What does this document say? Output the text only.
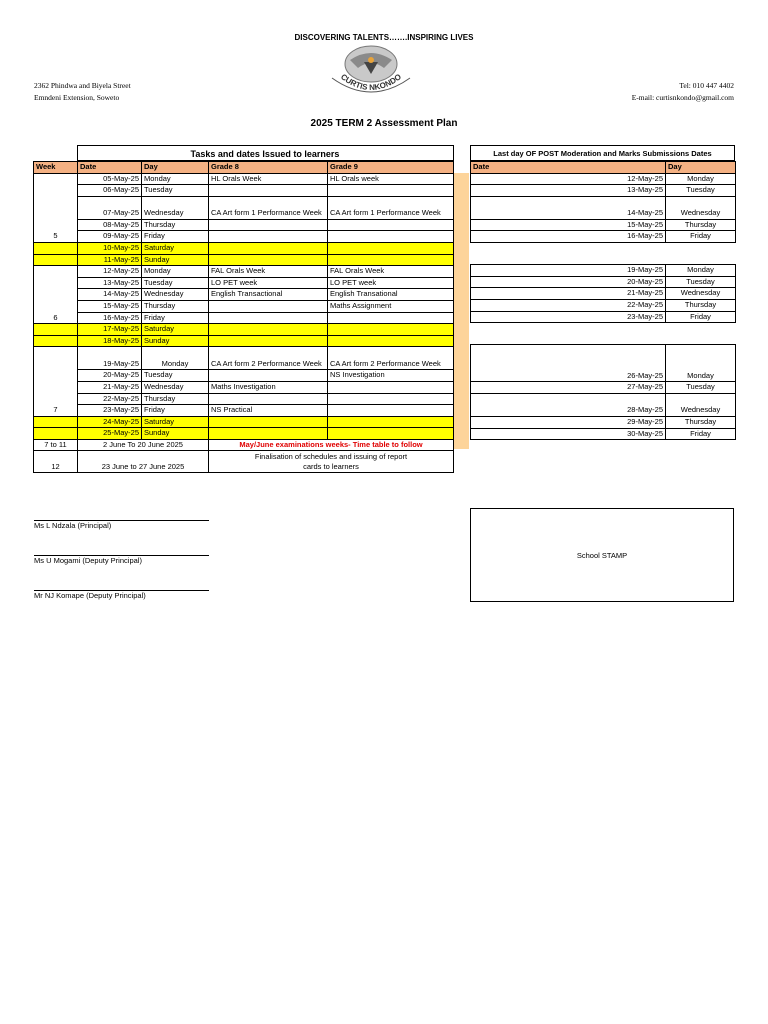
DISCOVERING TALENTS…….INSPIRING LIVES
CURTIS NKONDO
2362 Phindwa and Biyela Street
Emndeni Extension, Soweto
Tel: 010 447 4402
E-mail: curtisnkondo@gmail.com
2025 TERM 2 Assessment Plan
	Tasks and dates Issued to learners
Week	Date	Day	Grade 8	Grade 9
5	05-May-25	Monday	HL Orals Week	HL Orals week
	06-May-25	Tuesday		
	07-May-25	Wednesday	CA Art form 1 Performance Week	CA Art form 1 Performance Week
	08-May-25	Thursday		
	09-May-25	Friday		
	10-May-25	Saturday		
	11-May-25	Sunday		
6	12-May-25	Monday	FAL Orals Week	FAL Orals Week
	13-May-25	Tuesday	LO PET week	LO PET week
	14-May-25	Wednesday	English Transactional	English Transational
	15-May-25	Thursday		Maths Assignment
	16-May-25	Friday		
	17-May-25	Saturday		
	18-May-25	Sunday		
7	19-May-25	Monday	CA Art form 2 Performance Week	CA Art form 2 Performance Week
	20-May-25	Tuesday		NS Investigation
	21-May-25	Wednesday	Maths Investigation	
	22-May-25	Thursday		
	23-May-25	Friday	NS Practical	
	24-May-25	Saturday		
	25-May-25	Sunday		
7 to 11	2 June To 20 June 2025		May/June examinations weeks- Time table to follow	
12	23 June to 27 June 2025		Finalisation of schedules and issuing of report cards to learners	
Last day OF POST Moderation and Marks Submissions Dates
Date	Day
12-May-25	Monday
13-May-25	Tuesday
14-May-25	Wednesday
15-May-25	Thursday
16-May-25	Friday

19-May-25	Monday
20-May-25	Tuesday
21-May-25	Wednesday
22-May-25	Thursday
23-May-25	Friday

26-May-25	Monday
27-May-25	Tuesday
28-May-25	Wednesday
29-May-25	Thursday
30-May-25	Friday
Ms L Ndzala (Principal)
Ms U Mogami (Deputy Principal)
Mr NJ Komape (Deputy Principal)
School STAMP
